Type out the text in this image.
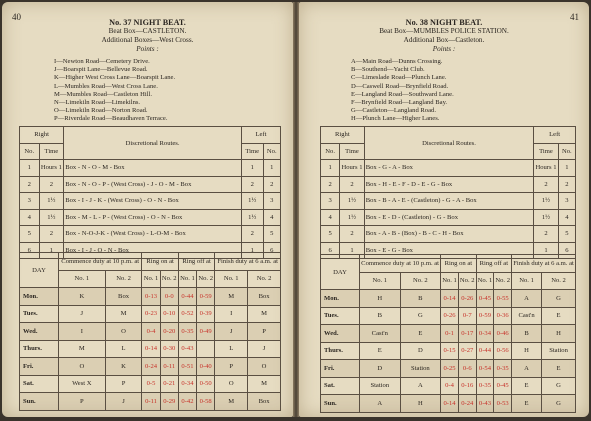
40
No. 37 NIGHT BEAT.
Beat Box—CASTLETON.
Additional Boxes—West Cross.
Points :
I—Newton Road—Cemetery Drive.
J—Boarspit Lane—Bellevue Road.
K—Higher West Cross Lane—Boarspit Lane.
L—Mumbles Road—West Cross Lane.
M—Mumbles Road—Castleton Hill.
N—Limekiln Road—Limekilns.
O—Limekiln Road—Norton Road.
P—Riverdale Road—Beaudhaven Terrace.
Right		Discretional Routes.	Left	
No.	Time		Time	No.
1	Hours 1	Box - N - O - M - Box	1	1
2	2	Box - N - O - P - (West Cross) - J - O - M - Box	2	2
3	1½	Box - I - J - K - (West Cross) - O - N - Box	1½	3
4	1½	Box - M - L - P - (West Cross) - O - N - Box	1½	4
5	2	Box - N-O-J-K - (West Cross) - L-O-M - Box	2	5
6	1	Box - I - J - O - N - Box	1	6
DAY	Commence duty at 10 p.m. at		Ring on at		Ring off at		Finish duty at 6 a.m. at	
	No. 1	No. 2	No. 1	No. 2	No. 1	No. 2	No. 1	No. 2
Mon.	K	Box	0-13	0-0	0-44	0-59	M	Box
Tues.	J	M	0-23	0-10	0-52	0-39	I	M
Wed.	I	O	0-4	0-20	0-35	0-49	J	P
Thurs.	M	L	0-14	0-30	0-43		L	J
Fri.	O	K	0-24	0-11	0-51	0-40	P	O
Sat.	West X	P	0-5	0-21	0-34	0-50	O	M
Sun.	P	J	0-11	0-29	0-42	0-58	M	Box
41
No. 38 NIGHT BEAT.
Beat Box—MUMBLES POLICE STATION.
Additional Box—Castleton.
Points :
A—Main Road—Dunns Crossing.
B—Southend—Yacht Club.
C—Limeslade Road—Plunch Lane.
D—Caswell Road—Brynfield Road.
E—Langland Road—Southward Lane.
F—Brynfield Road—Langland Bay.
G—Castleton—Langland Road.
H—Plunch Lane—Higher Lanes.
Right		Discretional Routes.	Left	
No.	Time		Time	No.
1	Hours 1	Box - G - A - Box	Hours 1	1
2	2	Box - H - E - F - D - E - G - Box	2	2
3	1½	Box - B - A - E - (Castleton) - G - A - Box	1½	3
4	1½	Box - E - D - (Castleton) - G - Box	1½	4
5	2	Box - A - B - (Box) - B - C - H - Box	2	5
6	1	Box - E - G - Box	1	6
DAY	Commence duty at 10 p.m. at		Ring on at		Ring off at		Finish duty at 6 a.m. at	
	No. 1	No. 2	No. 1	No. 2	No. 1	No. 2	No. 1	No. 2
Mon.	H	B	0-14	0-26	0-45	0-55	A	G
Tues.	B	G	0-26	0-7	0-59	0-36	Cast'n	E
Wed.	Cast'n	E	0-1	0-17	0-34	0-46	B	H
Thurs.	E	D	0-15	0-27	0-44	0-56	H	Station
Fri.	D	Station	0-25	0-6	0-54	0-35	A	E
Sat.	Station	A	0-4	0-16	0-35	0-45	E	G
Sun.	A	H	0-14	0-24	0-43	0-53	E	G
